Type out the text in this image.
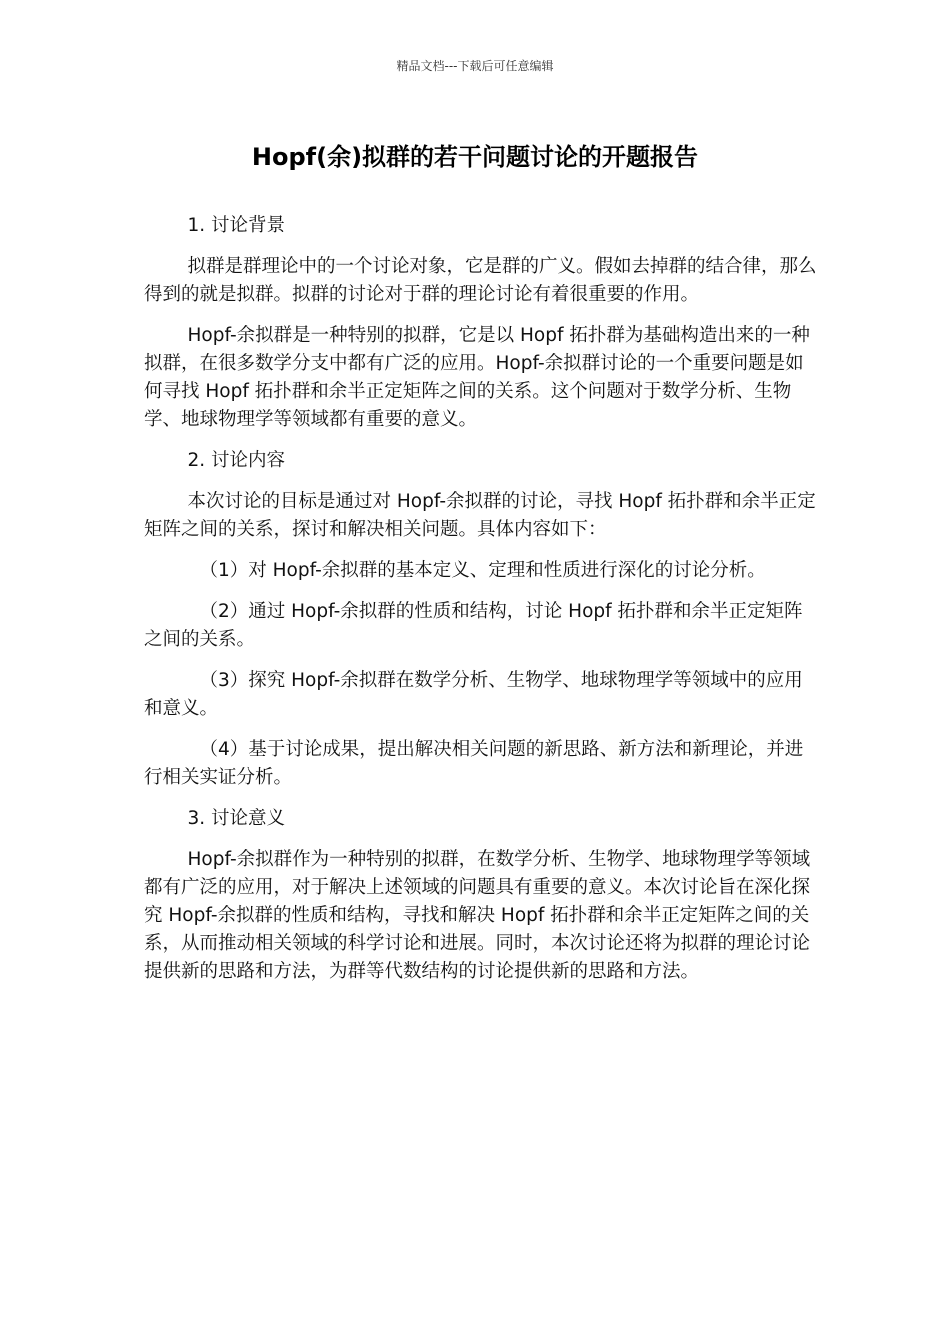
精品文档---下载后可任意编辑
Hopf(余)拟群的若干问题讨论的开题报告

1. 讨论背景

拟群是群理论中的一个讨论对象，它是群的广义。假如去掉群的结合律，那么得到的就是拟群。拟群的讨论对于群的理论讨论有着很重要的作用。

Hopf-余拟群是一种特别的拟群，它是以 Hopf 拓扑群为基础构造出来的一种拟群，在很多数学分支中都有广泛的应用。Hopf-余拟群讨论的一个重要问题是如何寻找 Hopf 拓扑群和余半正定矩阵之间的关系。这个问题对于数学分析、生物学、地球物理学等领域都有重要的意义。

2. 讨论内容

本次讨论的目标是通过对 Hopf-余拟群的讨论，寻找 Hopf 拓扑群和余半正定矩阵之间的关系，探讨和解决相关问题。具体内容如下：

（1）对 Hopf-余拟群的基本定义、定理和性质进行深化的讨论分析。

（2）通过 Hopf-余拟群的性质和结构，讨论 Hopf 拓扑群和余半正定矩阵之间的关系。

（3）探究 Hopf-余拟群在数学分析、生物学、地球物理学等领域中的应用和意义。

（4）基于讨论成果，提出解决相关问题的新思路、新方法和新理论，并进行相关实证分析。

3. 讨论意义

Hopf-余拟群作为一种特别的拟群，在数学分析、生物学、地球物理学等领域都有广泛的应用，对于解决上述领域的问题具有重要的意义。本次讨论旨在深化探究 Hopf-余拟群的性质和结构，寻找和解决 Hopf 拓扑群和余半正定矩阵之间的关系，从而推动相关领域的科学讨论和进展。同时，本次讨论还将为拟群的理论讨论提供新的思路和方法，为群等代数结构的讨论提供新的思路和方法。
